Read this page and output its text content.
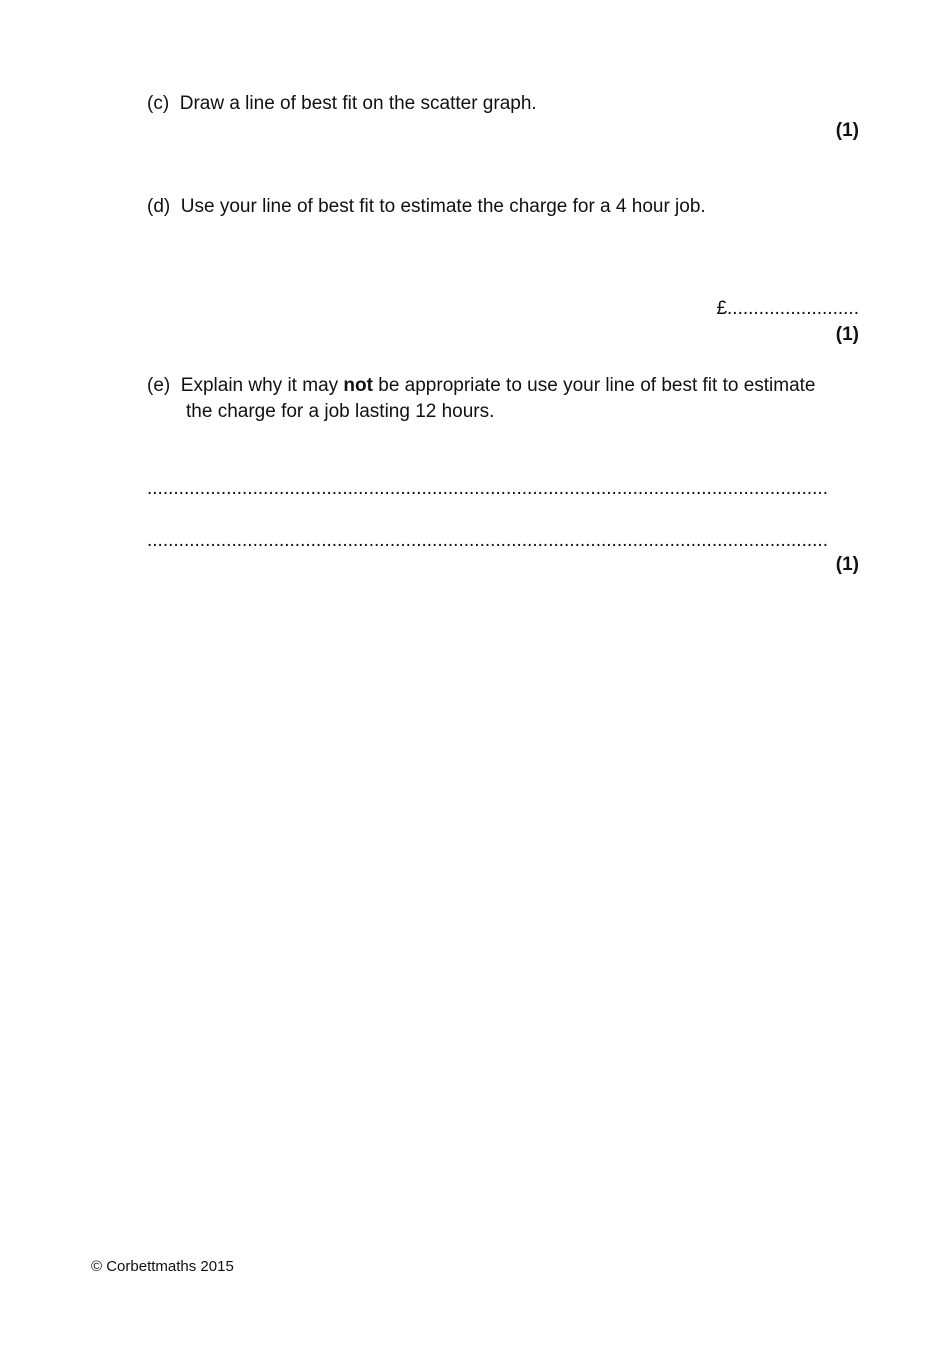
(c) Draw a line of best fit on the scatter graph.
(1)
(d) Use your line of best fit to estimate the charge for a 4 hour job.
£.........................
(1)
(e) Explain why it may not be appropriate to use your line of best fit to estimate
the charge for a job lasting 12 hours.
.................................................................................................................................
.................................................................................................................................
(1)
© Corbettmaths 2015
